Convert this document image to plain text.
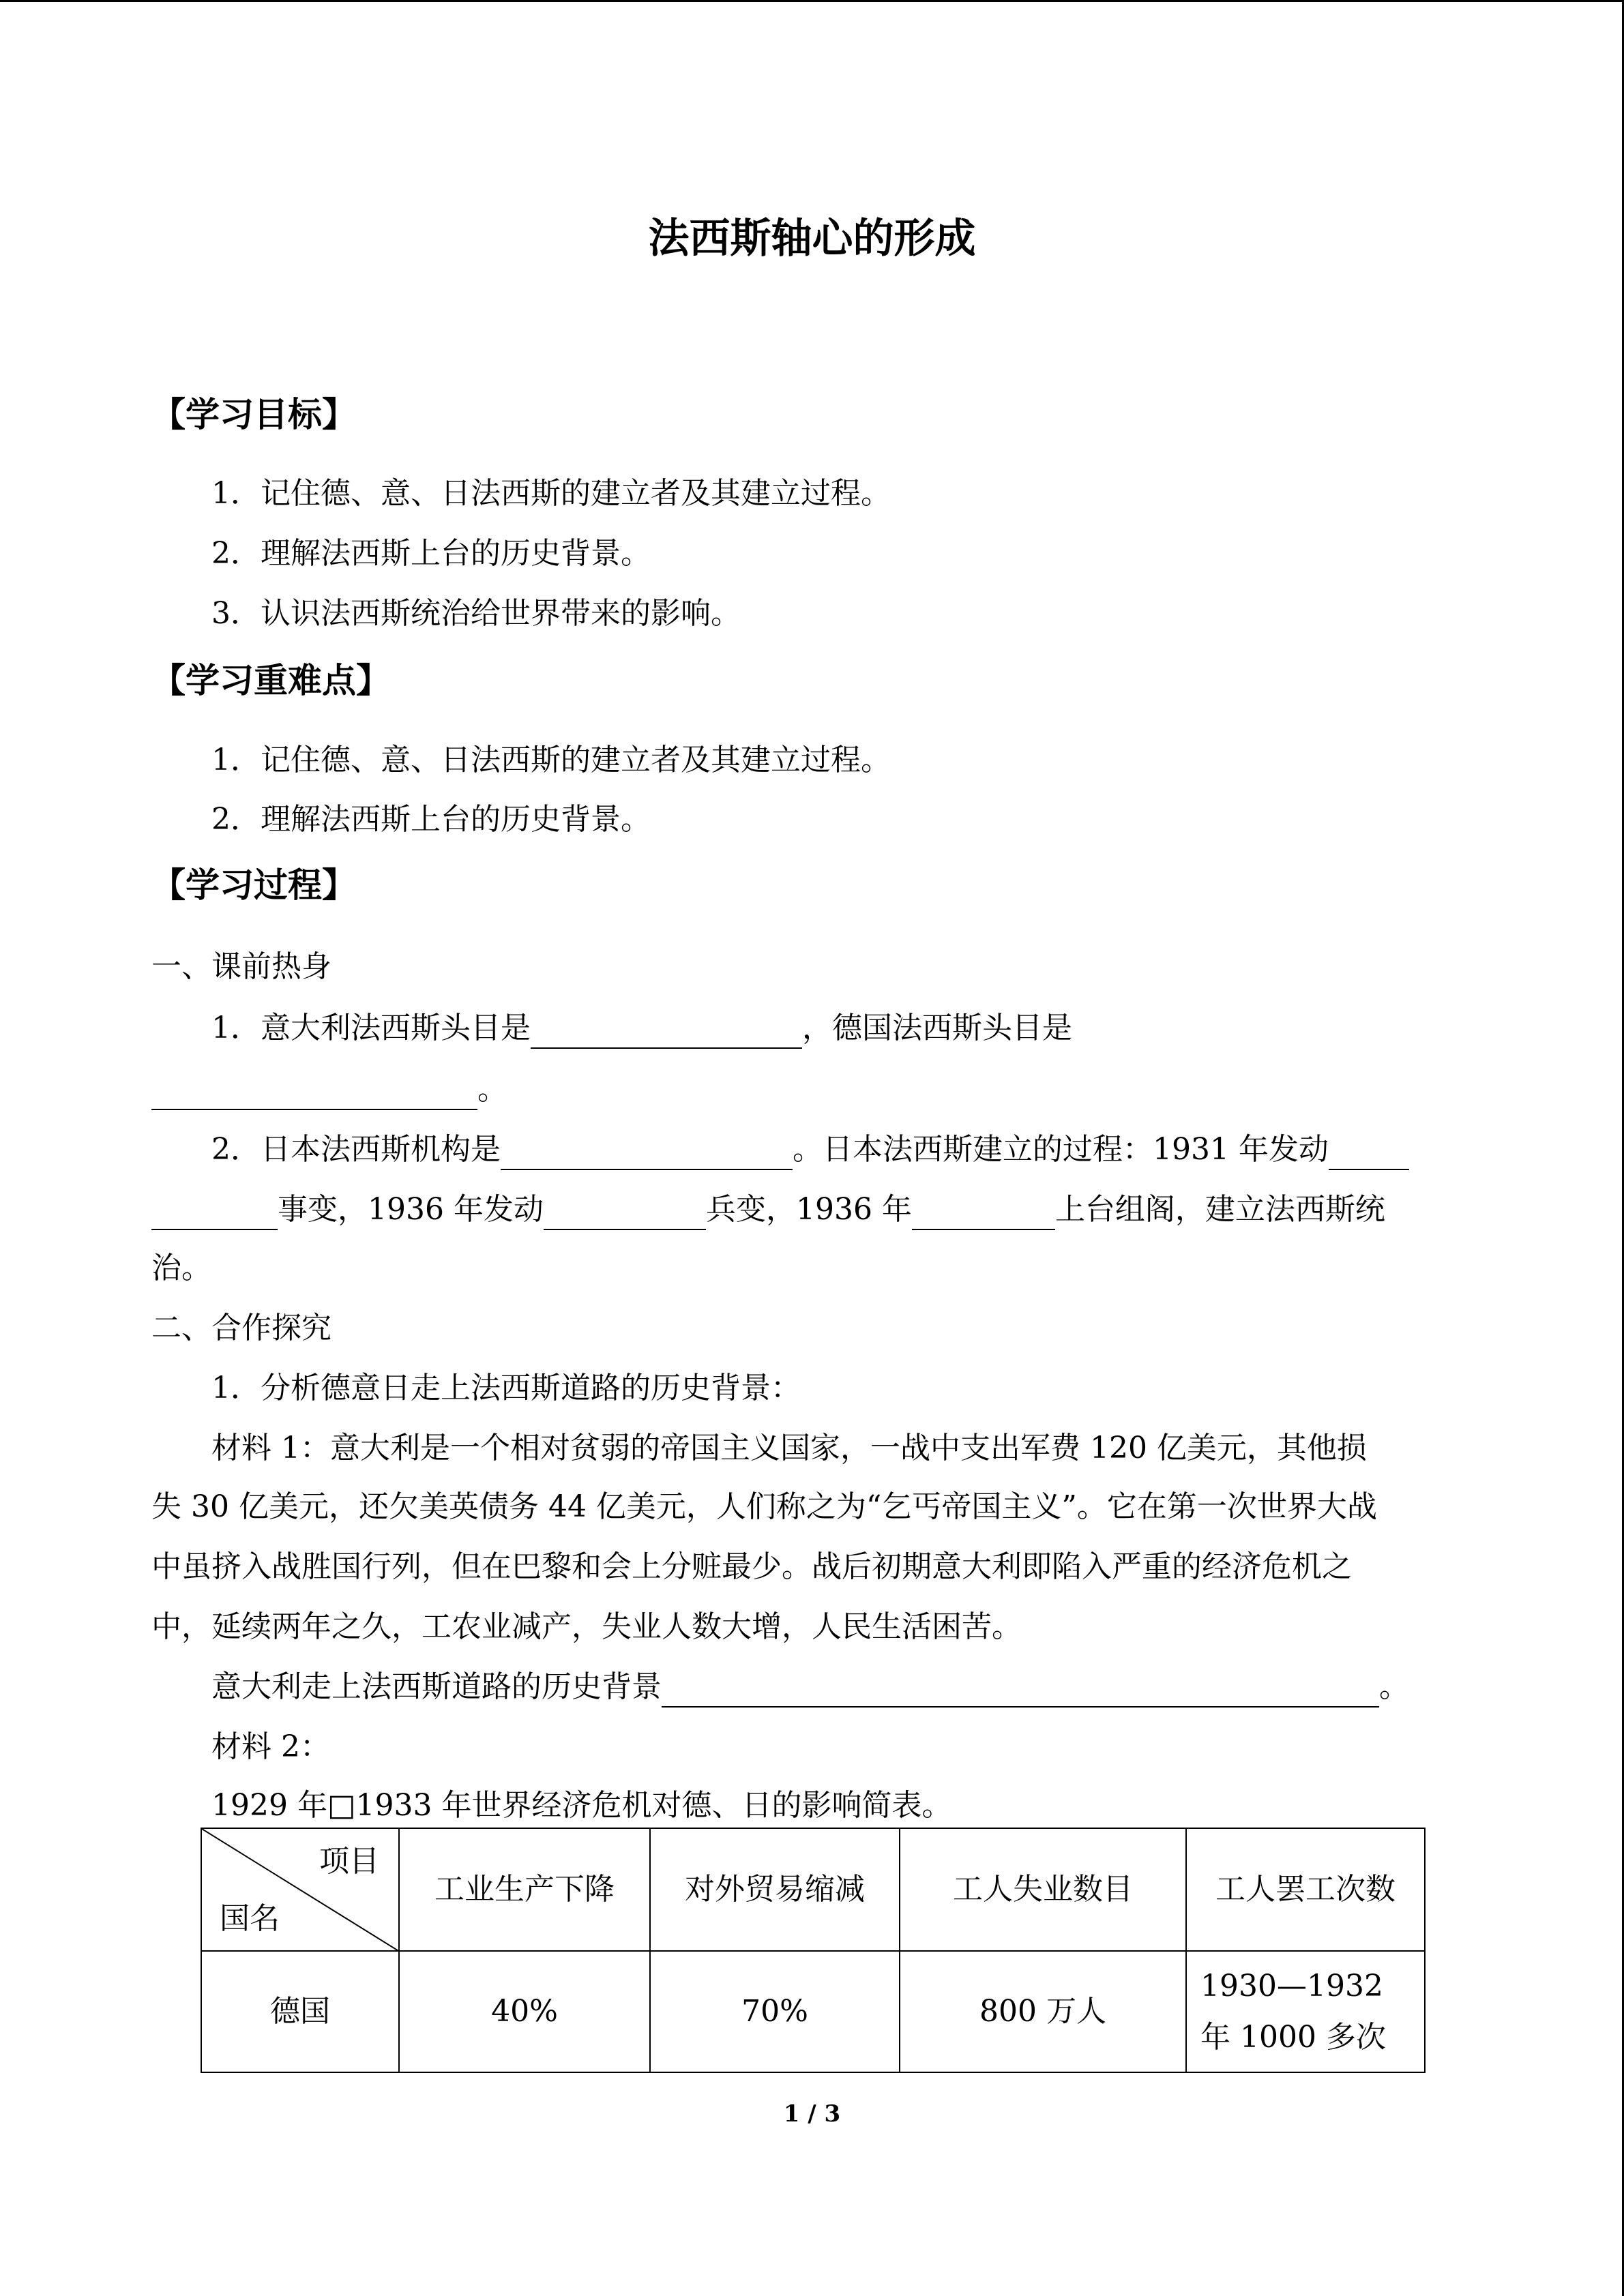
法西斯轴心的形成
【学习目标】
1．记住德、意、日法西斯的建立者及其建立过程。
2．理解法西斯上台的历史背景。
3．认识法西斯统治给世界带来的影响。
【学习重难点】
1．记住德、意、日法西斯的建立者及其建立过程。
2．理解法西斯上台的历史背景。
【学习过程】
一、课前热身
1．意大利法西斯头目是	，德国法西斯头目是
。
2．日本法西斯机构是	。日本法西斯建立的过程：1931 年发动
事变，1936 年发动	兵变，1936 年	上台组阁，建立法西斯统
治。
二、合作探究
1．分析德意日走上法西斯道路的历史背景：
材料 1：意大利是一个相对贫弱的帝国主义国家，一战中支出军费 120 亿美元，其他损
失 30 亿美元，还欠美英债务 44 亿美元，人们称之为“乞丐帝国主义”。它在第一次世界大战
中虽挤入战胜国行列，但在巴黎和会上分赃最少。战后初期意大利即陷入严重的经济危机之
中，延续两年之久，工农业减产，失业人数大增，人民生活困苦。
意大利走上法西斯道路的历史背景	。
材料 2：
1929 年□1933 年世界经济危机对德、日的影响简表。
项目
国名	工业生产下降	对外贸易缩减	工人失业数目	工人罢工次数
德国	40%	70%	800 万人	1930—1932
年 1000 多次
1 / 3
